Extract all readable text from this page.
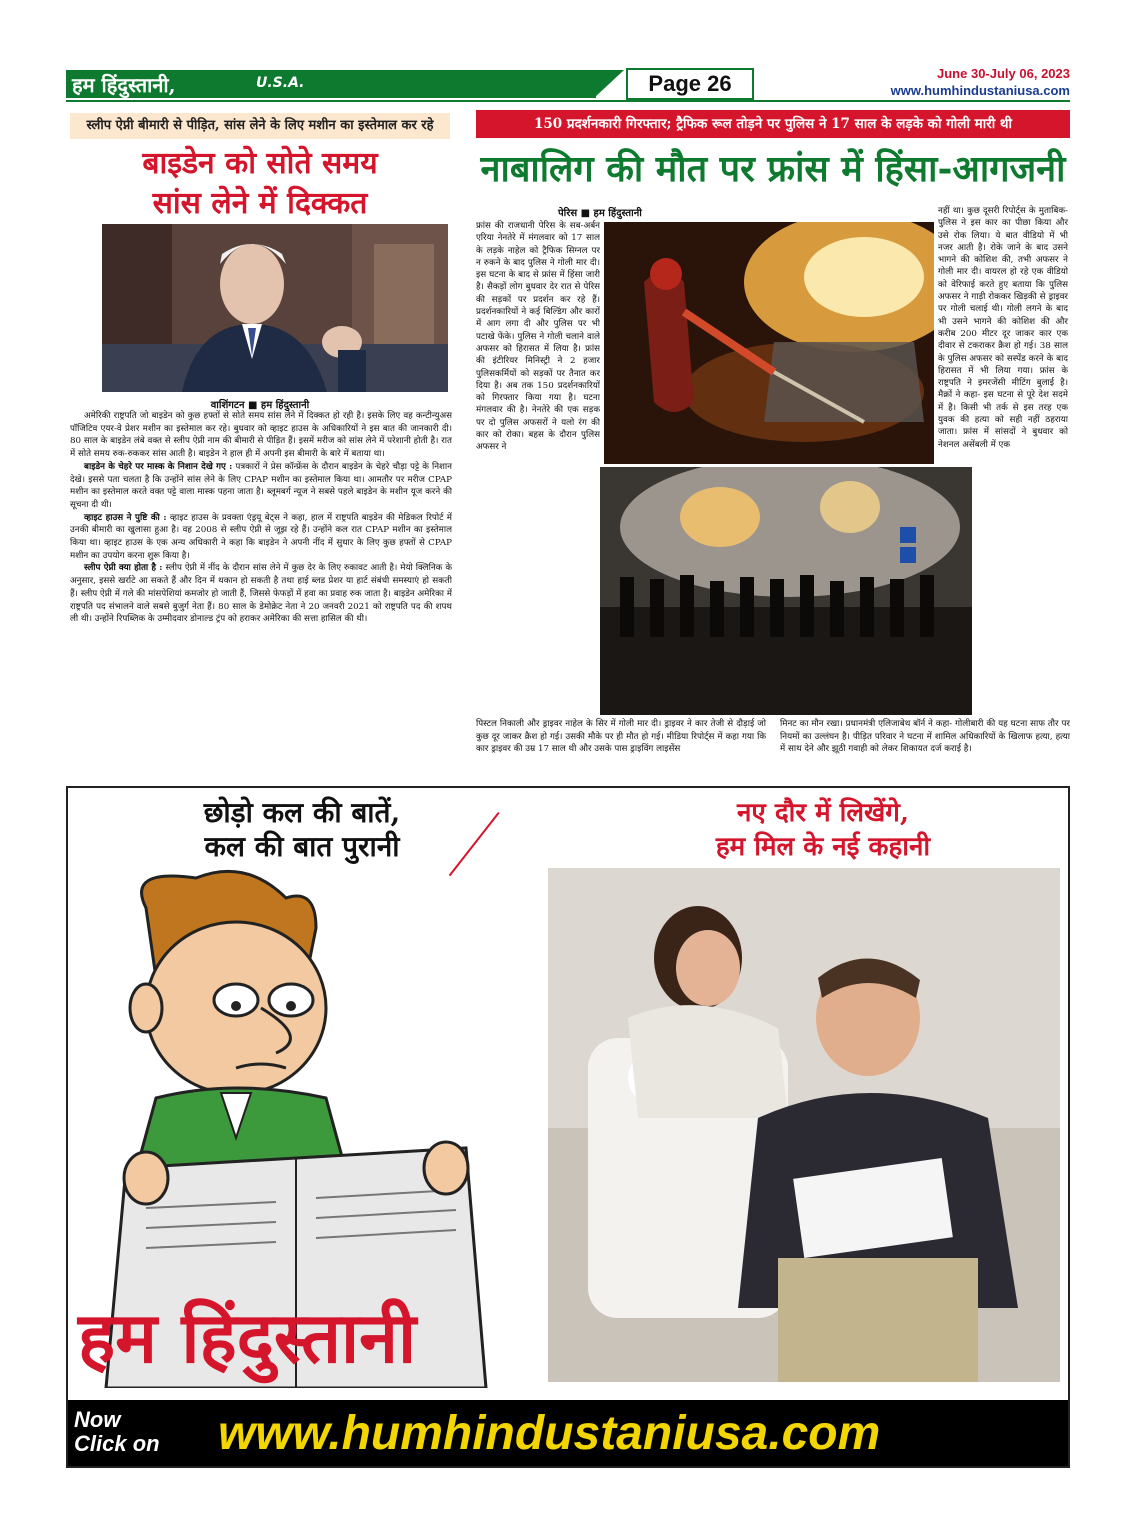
हम हिंदुस्तानी,	U.S.A.	Page 26	June 30-July 06, 2023
www.humhindustaniusa.com
स्लीप ऐप्नी बीमारी से पीड़ित, सांस लेने के लिए मशीन का इस्तेमाल कर रहे
बाइडेन को सोते समय
सांस लेने में दिक्कत
वाशिंगटन ■ हम हिंदुस्तानी

अमेरिकी राष्ट्रपति जो बाइडेन को कुछ हफ्तों से सोते समय सांस लेने में दिक्कत हो रही है। इसके लिए वह कन्टीन्युअस पॉजिटिव एयर-वे प्रेशर मशीन का इस्तेमाल कर रहे। बुधवार को व्हाइट हाउस के अधिकारियों ने इस बात की जानकारी दी। 80 साल के बाइडेन लंबे वक्त से स्लीप ऐप्नी नाम की बीमारी से पीड़ित हैं। इसमें मरीज को सांस लेने में परेशानी होती है। रात में सोते समय रुक-रुककर सांस आती है। बाइडेन ने हाल ही में अपनी इस बीमारी के बारे में बताया था।

बाइडेन के चेहरे पर मास्क के निशान देखे गए : पत्रकारों ने प्रेस कॉन्फ्रेंस के दौरान बाइडेन के चेहरे चौड़ा पट्टे के निशान देखे। इससे पता चलता है कि उन्होंने सांस लेने के लिए CPAP मशीन का इस्तेमाल किया था। आमतौर पर मरीज CPAP मशीन का इस्तेमाल करते वक्त पट्टे वाला मास्क पहना जाता है। ब्लूमबर्ग न्यूज ने सबसे पहले बाइडेन के मशीन यूज करने की सूचना दी थी।

व्हाइट हाउस ने पुष्टि की : व्हाइट हाउस के प्रवक्ता एंड्रयू बेट्स ने कहा, हाल में राष्ट्रपति बाइडेन की मेडिकल रिपोर्ट में उनकी बीमारी का खुलासा हुआ है। वह 2008 से स्लीप ऐप्नी से जूझ रहे हैं। उन्होंने कल रात CPAP मशीन का इस्तेमाल किया था। व्हाइट हाउस के एक अन्य अधिकारी ने कहा कि बाइडेन ने अपनी नींद में सुधार के लिए कुछ हफ्तों से CPAP मशीन का उपयोग करना शुरू किया है।

स्लीप ऐप्नी क्या होता है : स्लीप ऐप्नी में नींद के दौरान सांस लेने में कुछ देर के लिए रुकावट आती है। मेयो क्लिनिक के अनुसार, इससे खर्राटे आ सकते हैं और दिन में थकान हो सकती है तथा हाई ब्लड प्रेशर या हार्ट संबंधी समस्याएं हो सकती हैं। स्लीप ऐप्नी में गले की मांसपेशियां कमजोर हो जाती हैं, जिससे फेफड़ों में हवा का प्रवाह रुक जाता है। बाइडेन अमेरिका में राष्ट्रपति पद संभालने वाले सबसे बुजुर्ग नेता हैं। 80 साल के डेमोक्रेट नेता ने 20 जनवरी 2021 को राष्ट्रपति पद की शपथ ली थी। उन्होंने रिपब्लिक के उम्मीदवार डोनाल्ड ट्रंप को हराकर अमेरिका की सत्ता हासिल की थी।

150 प्रदर्शनकारी गिरफ्तार; ट्रैफिक रूल तोड़ने पर पुलिस ने 17 साल के लड़के को गोली मारी थी
नाबालिग की मौत पर फ्रांस में हिंसा-आगजनी
पेरिस ■ हम हिंदुस्तानी
फ्रांस की राजधानी पेरिस के सब-अर्बन एरिया नेनतेरे में मंगलवार को 17 साल के लड़के नाहेल को ट्रैफिक सिग्नल पर न रुकने के बाद पुलिस ने गोली मार दी। इस घटना के बाद से फ्रांस में हिंसा जारी है। सैकड़ों लोग बुधवार देर रात से पेरिस की सड़कों पर प्रदर्शन कर रहे हैं। प्रदर्शनकारियों ने कई बिल्डिंग और कारों में आग लगा दी और पुलिस पर भी पटाखे फेंके। पुलिस ने गोली चलाने वाले अफसर को हिरासत में लिया है। फ्रांस की इंटीरियर मिनिस्ट्री ने 2 हजार पुलिसकर्मियों को सड़कों पर तैनात कर दिया है। अब तक 150 प्रदर्शनकारियों को गिरफ्तार किया गया है। घटना मंगलवार की है। नेनतेरे की एक सड़क पर दो पुलिस अफसरों ने यलो रंग की कार को रोका। बहस के दौरान पुलिस अफसर ने
नहीं था। कुछ दूसरी रिपोर्ट्स के मुताबिक- पुलिस ने इस कार का पीछा किया और उसे रोक लिया। ये बात वीडियो में भी नजर आती है। रोके जाने के बाद उसने भागने की कोशिश की, तभी अफसर ने गोली मार दी। वायरल हो रहे एक वीडियो को वेरिफाई करते हुए बताया कि पुलिस अफसर ने गाड़ी रोककर खिड़की से ड्राइवर पर गोली चलाई थी। गोली लगने के बाद भी उसने भागने की कोशिश की और करीब 200 मीटर दूर जाकर कार एक दीवार से टकराकर क्रैश हो गई। 38 साल के पुलिस अफसर को सस्पेंड करने के बाद हिरासत में भी लिया गया। फ्रांस के राष्ट्रपति ने इमरजेंसी मीटिंग बुलाई है। मैक्रों ने कहा- इस घटना से पूरे देश सदमे में है। किसी भी तर्क से इस तरह एक युवक की हत्या को सही नहीं ठहराया जाता। फ्रांस में सांसदों ने बुधवार को नेशनल असेंबली में एक
पिस्टल निकाली और ड्राइवर नाहेल के सिर में गोली मार दी। ड्राइवर ने कार तेजी से दौड़ाई जो कुछ दूर जाकर क्रैश हो गई। उसकी मौके पर ही मौत हो गई। मीडिया रिपोर्ट्स में कहा गया कि कार ड्राइवर की उम्र 17 साल थी और उसके पास ड्राइविंग लाइसेंस
मिनट का मौन रखा। प्रधानमंत्री एलिजाबेथ बॉर्न ने कहा- गोलीबारी की यह घटना साफ तौर पर नियमों का उल्लंघन है। पीड़ित परिवार ने घटना में शामिल अधिकारियों के खिलाफ हत्या, हत्या में साथ देने और झूठी गवाही को लेकर शिकायत दर्ज कराई है।
छोड़ो कल की बातें,
कल की बात पुरानी
नए दौर में लिखेंगे,
हम मिल के नई कहानी
हम हिंदुस्तानी
Now
Click on www.humhindustaniusa.com
